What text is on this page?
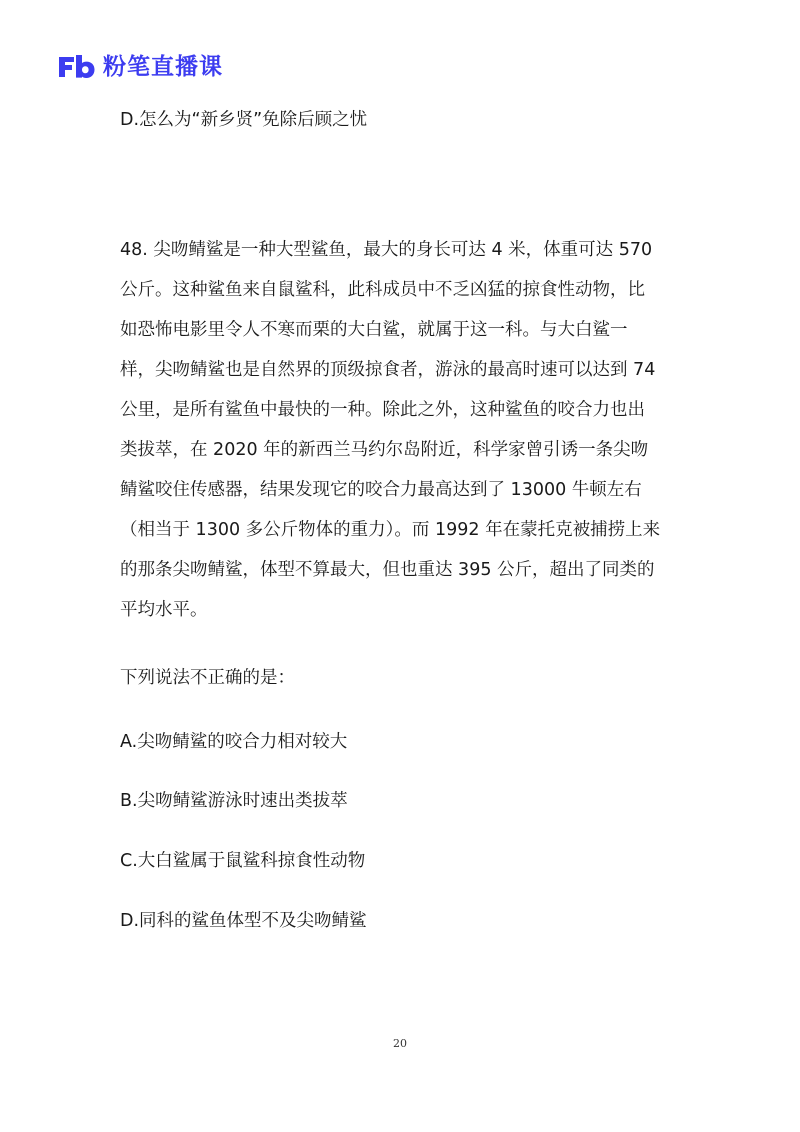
粉笔直播课
D.怎么为“新乡贤”免除后顾之忧
48. 尖吻鲭鲨是一种大型鲨鱼，最大的身长可达 4 米，体重可达 570
公斤。这种鲨鱼来自鼠鲨科，此科成员中不乏凶猛的掠食性动物，比
如恐怖电影里令人不寒而栗的大白鲨，就属于这一科。与大白鲨一
样，尖吻鲭鲨也是自然界的顶级掠食者，游泳的最高时速可以达到 74
公里，是所有鲨鱼中最快的一种。除此之外，这种鲨鱼的咬合力也出
类拔萃，在 2020 年的新西兰马约尔岛附近，科学家曾引诱一条尖吻
鲭鲨咬住传感器，结果发现它的咬合力最高达到了 13000 牛顿左右
（相当于 1300 多公斤物体的重力）。而 1992 年在蒙托克被捕捞上来
的那条尖吻鲭鲨，体型不算最大，但也重达 395 公斤，超出了同类的
平均水平。
下列说法不正确的是：
A.尖吻鲭鲨的咬合力相对较大
B.尖吻鲭鲨游泳时速出类拔萃
C.大白鲨属于鼠鲨科掠食性动物
D.同科的鲨鱼体型不及尖吻鲭鲨
20
